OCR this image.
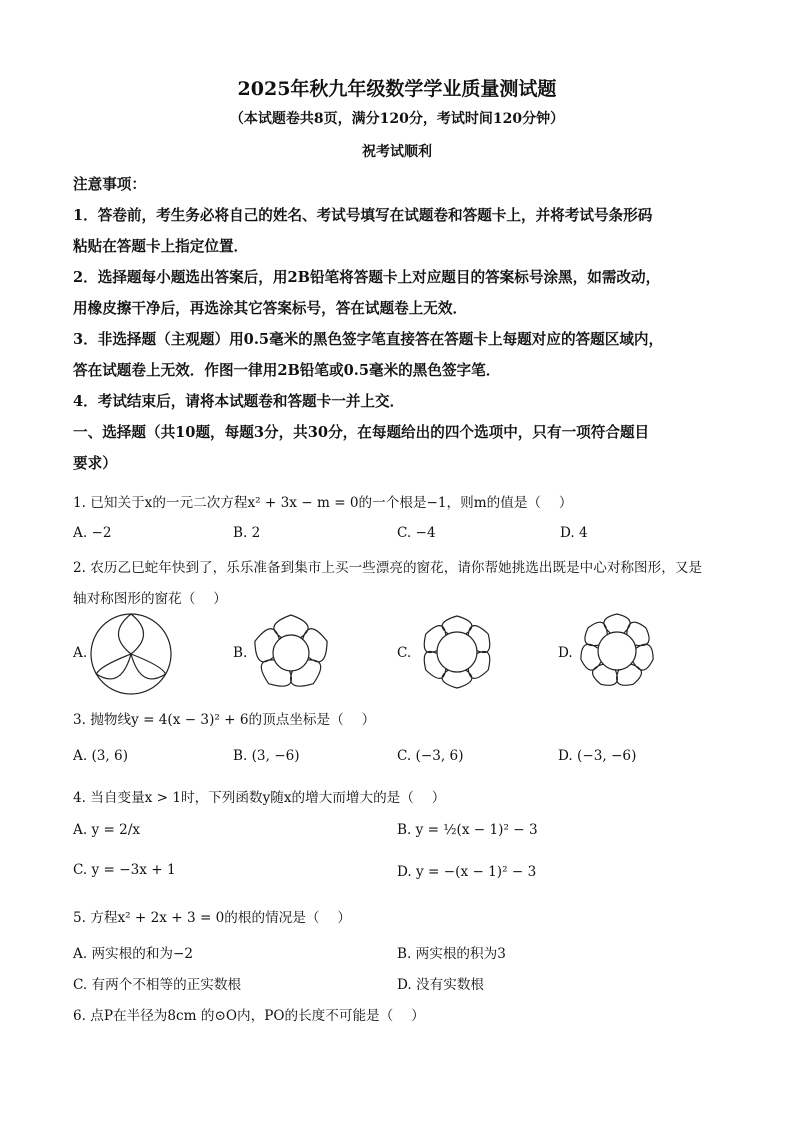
2025年秋九年级数学学业质量测试题
（本试题卷共8页，满分120分，考试时间120分钟）
祝考试顺利
注意事项：
1．答卷前，考生务必将自己的姓名、考试号填写在试题卷和答题卡上，并将考试号条形码
粘贴在答题卡上指定位置．
2．选择题每小题选出答案后，用2B铅笔将答题卡上对应题目的答案标号涂黑，如需改动，
用橡皮擦干净后，再选涂其它答案标号，答在试题卷上无效．
3．非选择题（主观题）用0.5毫米的黑色签字笔直接答在答题卡上每题对应的答题区域内，
答在试题卷上无效．作图一律用2B铅笔或0.5毫米的黑色签字笔．
4．考试结束后，请将本试题卷和答题卡一并上交．
一、选择题（共10题，每题3分，共30分，在每题给出的四个选项中，只有一项符合题目
要求）
1. 已知关于x的一元二次方程x² + 3x − m = 0的一个根是−1，则m的值是（　 ）
A. −2	B. 2	C. −4	D. 4
2. 农历乙巳蛇年快到了，乐乐准备到集市上买一些漂亮的窗花，请你帮她挑选出既是中心对称图形，又是
轴对称图形的窗花（　 ）
A.	B.	C.	D.
3. 抛物线y = 4(x − 3)² + 6的顶点坐标是（　 ）
A. (3, 6)	B. (3, −6)	C. (−3, 6)	D. (−3, −6)
4. 当自变量x > 1时，下列函数y随x的增大而增大的是（　 ）
A. y = 2/x	B. y = ½(x − 1)² − 3
C. y = −3x + 1	D. y = −(x − 1)² − 3
5. 方程x² + 2x + 3 = 0的根的情况是（　 ）
A. 两实根的和为−2	B. 两实根的积为3
C. 有两个不相等的正实数根	D. 没有实数根
6. 点P在半径为8cm 的⊙O内，PO的长度不可能是（　 ）
